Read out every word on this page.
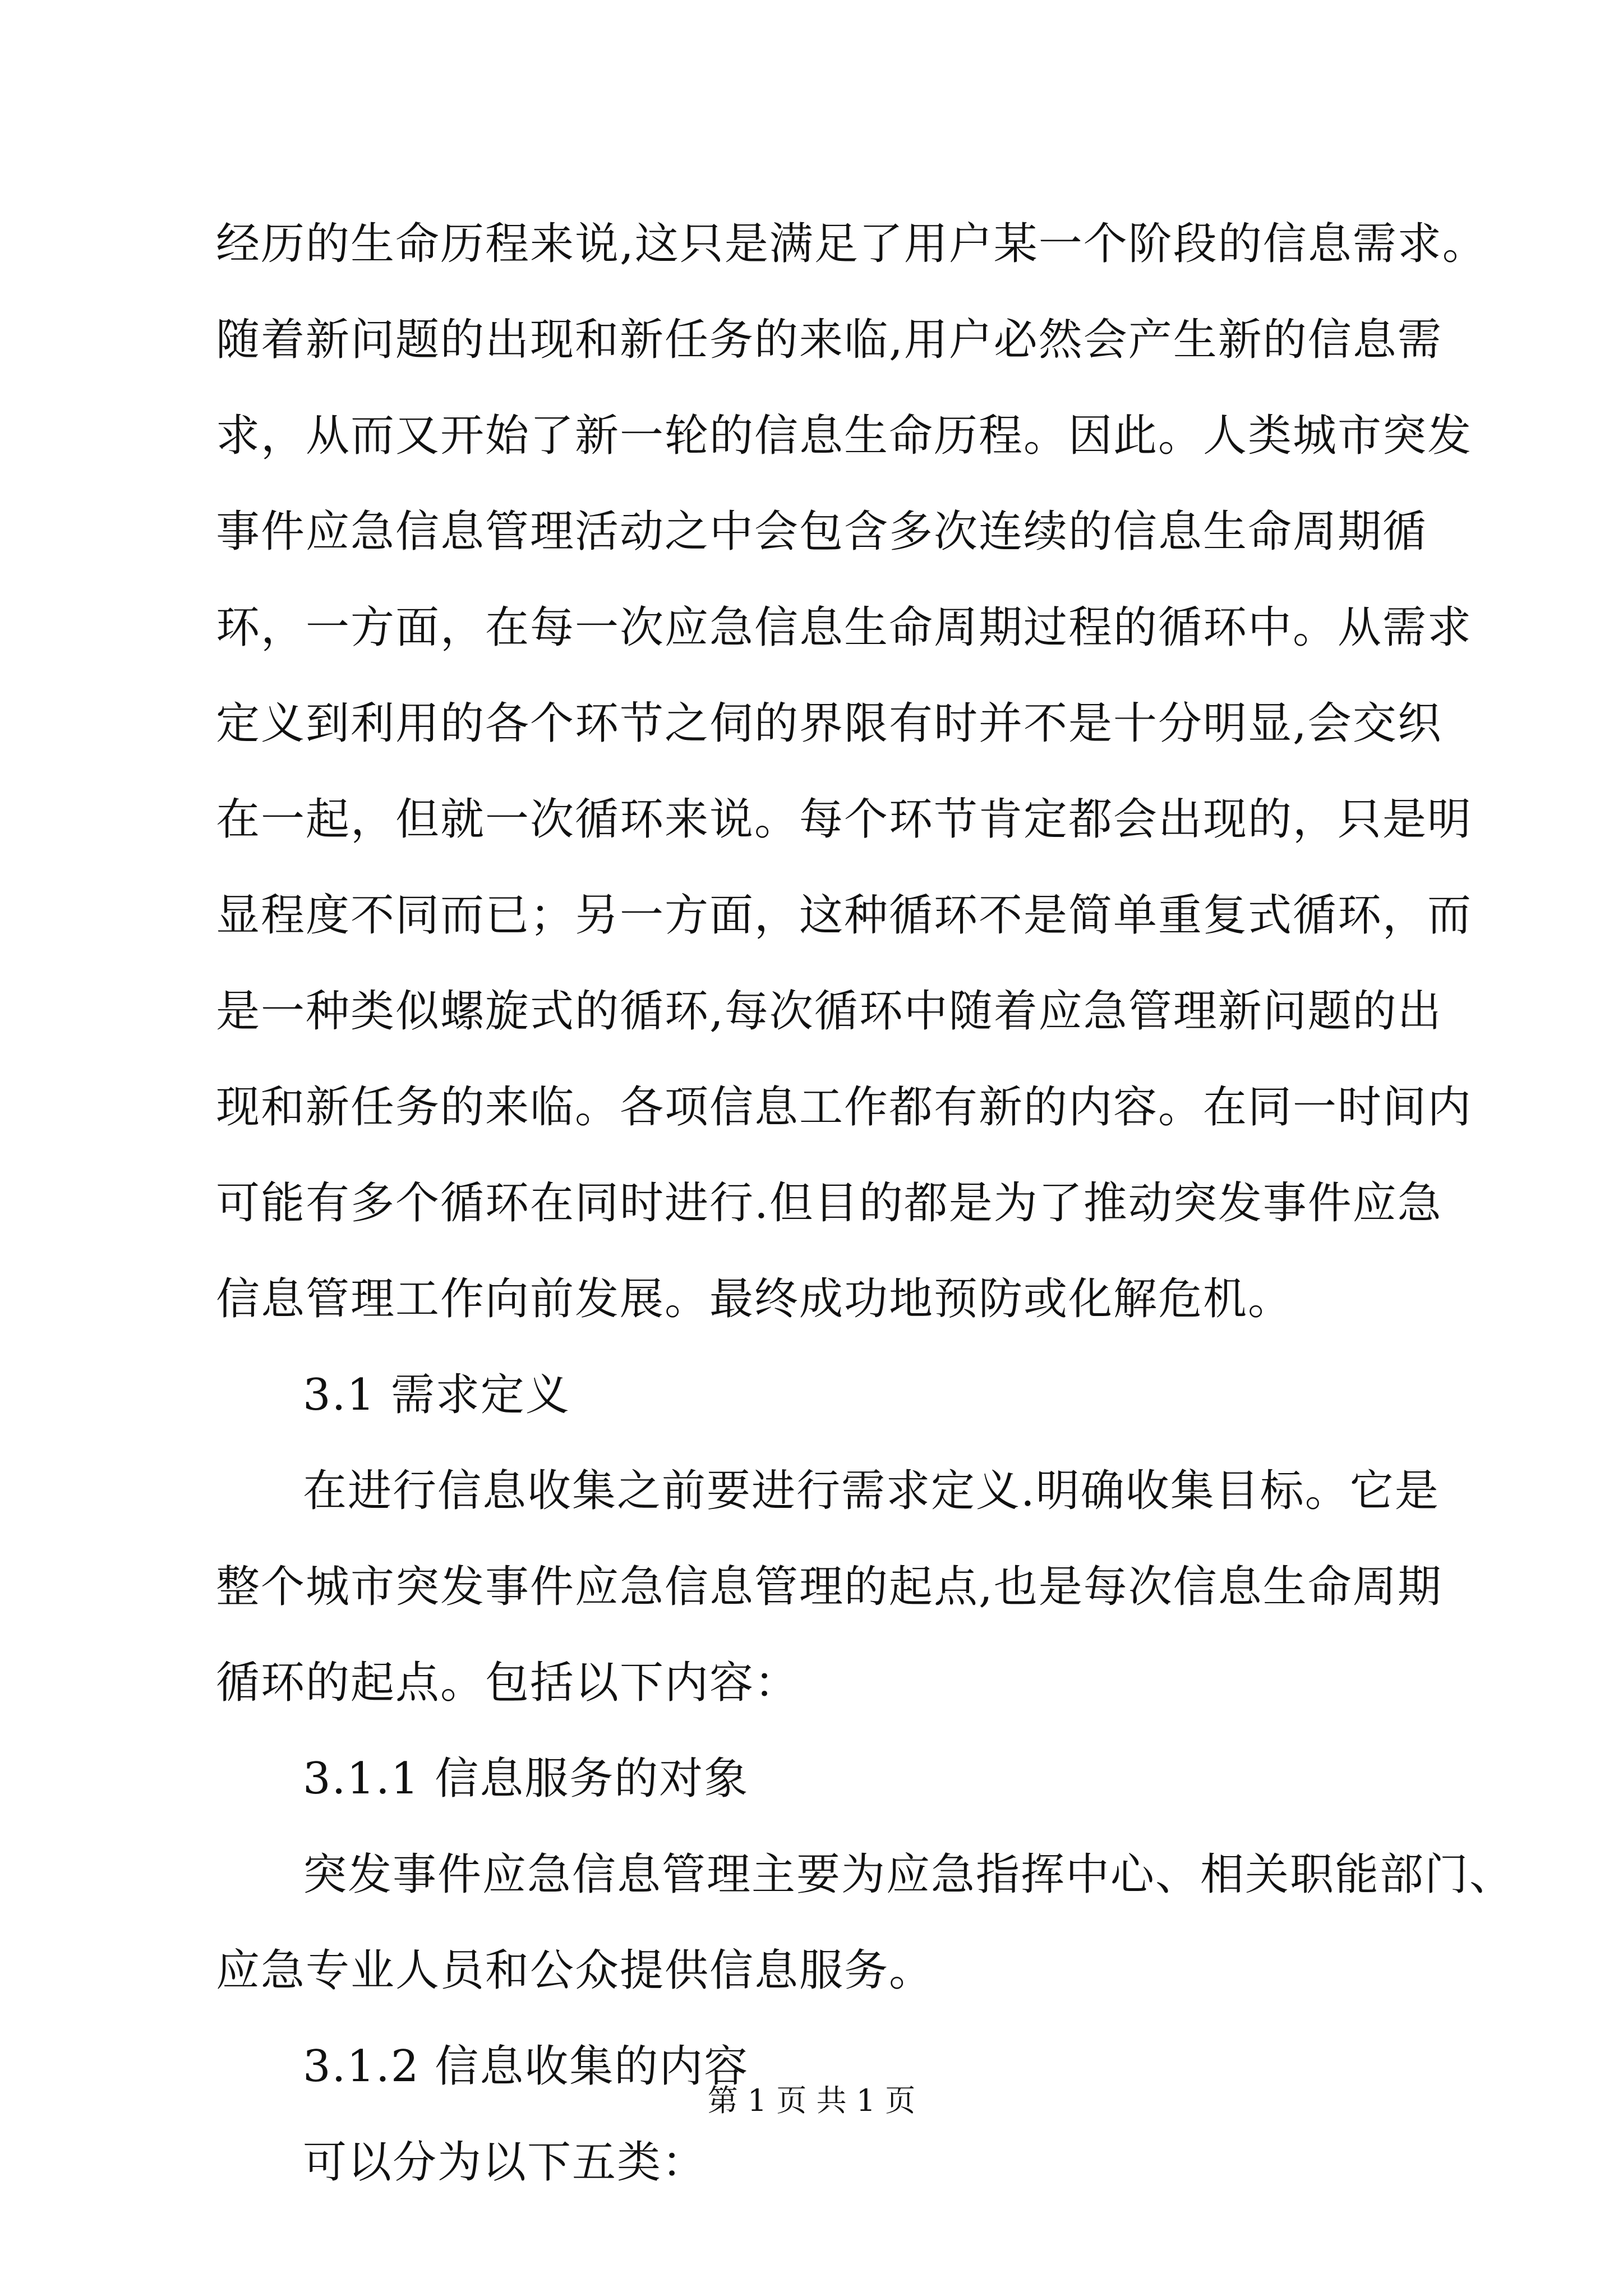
经历的生命历程来说,这只是满足了用户某一个阶段的信息需求。
随着新问题的出现和新任务的来临,用户必然会产生新的信息需
求，从而又开始了新一轮的信息生命历程。因此。人类城市突发
事件应急信息管理活动之中会包含多次连续的信息生命周期循
环，一方面，在每一次应急信息生命周期过程的循环中。从需求
定义到利用的各个环节之伺的界限有时并不是十分明显,会交织
在一起，但就一次循环来说。每个环节肯定都会出现的，只是明
显程度不同而已；另一方面，这种循环不是简单重复式循环，而
是一种类似螺旋式的循环,每次循环中随着应急管理新问题的出
现和新任务的来临。各项信息工作都有新的内容。在同一时间内
可能有多个循环在同时进行.但目的都是为了推动突发事件应急
信息管理工作向前发展。最终成功地预防或化解危机。
3.1 需求定义
在进行信息收集之前要进行需求定义.明确收集目标。它是
整个城市突发事件应急信息管理的起点,也是每次信息生命周期
循环的起点。包括以下内容：
3.1.1 信息服务的对象
突发事件应急信息管理主要为应急指挥中心、相关职能部门、
应急专业人员和公众提供信息服务。
3.1.2 信息收集的内容
可以分为以下五类：
第 1 页 共 1 页
